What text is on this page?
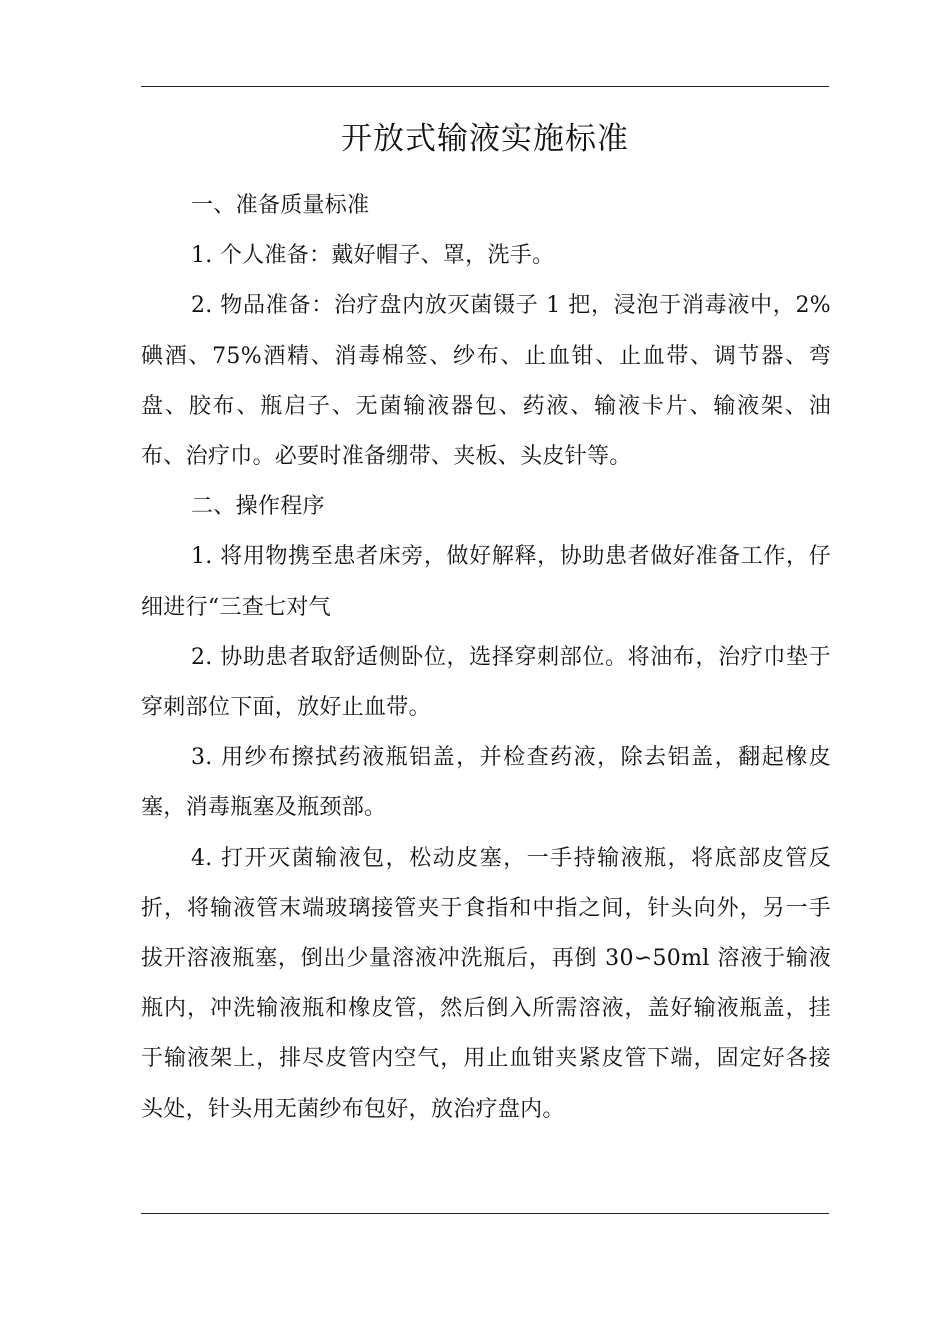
开放式输液实施标准

一、准备质量标准

1. 个人准备：戴好帽子、罩，洗手。

2. 物品准备：治疗盘内放灭菌镊子 1 把，浸泡于消毒液中，2%碘酒、75%酒精、消毒棉签、纱布、止血钳、止血带、调节器、弯盘、胶布、瓶启子、无菌输液器包、药液、输液卡片、输液架、油布、治疗巾。必要时准备绷带、夹板、头皮针等。

二、操作程序

1. 将用物携至患者床旁，做好解释，协助患者做好准备工作，仔细进行“三查七对气

2. 协助患者取舒适侧卧位，选择穿刺部位。将油布，治疗巾垫于穿刺部位下面，放好止血带。

3. 用纱布擦拭药液瓶铝盖，并检查药液，除去铝盖，翻起橡皮塞，消毒瓶塞及瓶颈部。

4. 打开灭菌输液包，松动皮塞，一手持输液瓶，将底部皮管反折，将输液管末端玻璃接管夹于食指和中指之间，针头向外，另一手拔开溶液瓶塞，倒出少量溶液冲洗瓶后，再倒 30∽50ml 溶液于输液瓶内，冲洗输液瓶和橡皮管，然后倒入所需溶液，盖好输液瓶盖，挂于输液架上，排尽皮管内空气，用止血钳夹紧皮管下端，固定好各接头处，针头用无菌纱布包好，放治疗盘内。
